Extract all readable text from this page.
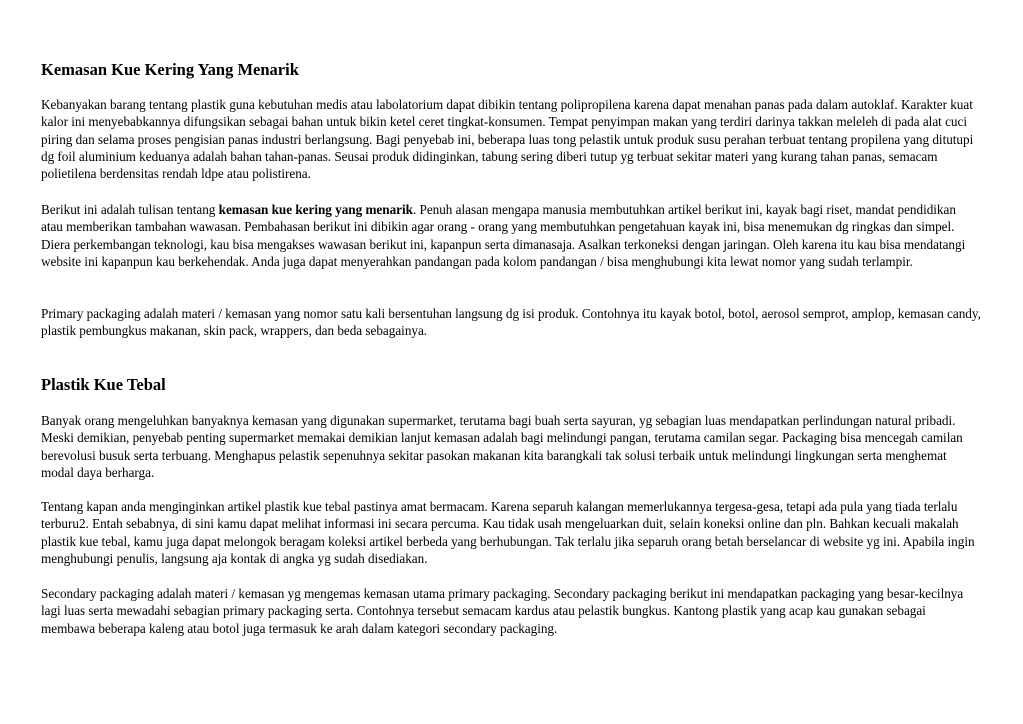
Kemasan Kue Kering Yang Menarik

Kebanyakan barang tentang plastik guna kebutuhan medis atau labolatorium dapat dibikin tentang polipropilena karena dapat menahan panas pada dalam autoklaf. Karakter kuat kalor ini menyebabkannya difungsikan sebagai bahan untuk bikin ketel ceret tingkat-konsumen. Tempat penyimpan makan yang terdiri darinya takkan meleleh di pada alat cuci piring dan selama proses pengisian panas industri berlangsung. Bagi penyebab ini, beberapa luas tong pelastik untuk produk susu perahan terbuat tentang propilena yang ditutupi dg foil aluminium keduanya adalah bahan tahan-panas. Seusai produk didinginkan, tabung sering diberi tutup yg terbuat sekitar materi yang kurang tahan panas, semacam polietilena berdensitas rendah ldpe atau polistirena.

Berikut ini adalah tulisan tentang kemasan kue kering yang menarik. Penuh alasan mengapa manusia membutuhkan artikel berikut ini, kayak bagi riset, mandat pendidikan atau memberikan tambahan wawasan. Pembahasan berikut ini dibikin agar orang - orang yang membutuhkan pengetahuan kayak ini, bisa menemukan dg ringkas dan simpel. Diera perkembangan teknologi, kau bisa mengakses wawasan berikut ini, kapanpun serta dimanasaja. Asalkan terkoneksi dengan jaringan. Oleh karena itu kau bisa mendatangi website ini kapanpun kau berkehendak. Anda juga dapat menyerahkan pandangan pada kolom pandangan / bisa menghubungi kita lewat nomor yang sudah terlampir.

Primary packaging adalah materi / kemasan yang nomor satu kali bersentuhan langsung dg isi produk. Contohnya itu kayak botol, botol, aerosol semprot, amplop, kemasan candy, plastik pembungkus makanan, skin pack, wrappers, dan beda sebagainya.

Plastik Kue Tebal

Banyak orang mengeluhkan banyaknya kemasan yang digunakan supermarket, terutama bagi buah serta sayuran, yg sebagian luas mendapatkan perlindungan natural pribadi. Meski demikian, penyebab penting supermarket memakai demikian lanjut kemasan adalah bagi melindungi pangan, terutama camilan segar. Packaging bisa mencegah camilan berevolusi busuk serta terbuang. Menghapus pelastik sepenuhnya sekitar pasokan makanan kita barangkali tak solusi terbaik untuk melindungi lingkungan serta menghemat modal daya berharga.

Tentang kapan anda menginginkan artikel plastik kue tebal pastinya amat bermacam. Karena separuh kalangan memerlukannya tergesa-gesa, tetapi ada pula yang tiada terlalu terburu2. Entah sebabnya, di sini kamu dapat melihat informasi ini secara percuma. Kau tidak usah mengeluarkan duit, selain koneksi online dan pln. Bahkan kecuali makalah plastik kue tebal, kamu juga dapat melongok beragam koleksi artikel berbeda yang berhubungan. Tak terlalu jika separuh orang betah berselancar di website yg ini. Apabila ingin menghubungi penulis, langsung aja kontak di angka yg sudah disediakan.

Secondary packaging adalah materi / kemasan yg mengemas kemasan utama primary packaging. Secondary packaging berikut ini mendapatkan packaging yang besar-kecilnya lagi luas serta mewadahi sebagian primary packaging serta. Contohnya tersebut semacam kardus atau pelastik bungkus. Kantong plastik yang acap kau gunakan sebagai membawa beberapa kaleng atau botol juga termasuk ke arah dalam kategori secondary packaging.
